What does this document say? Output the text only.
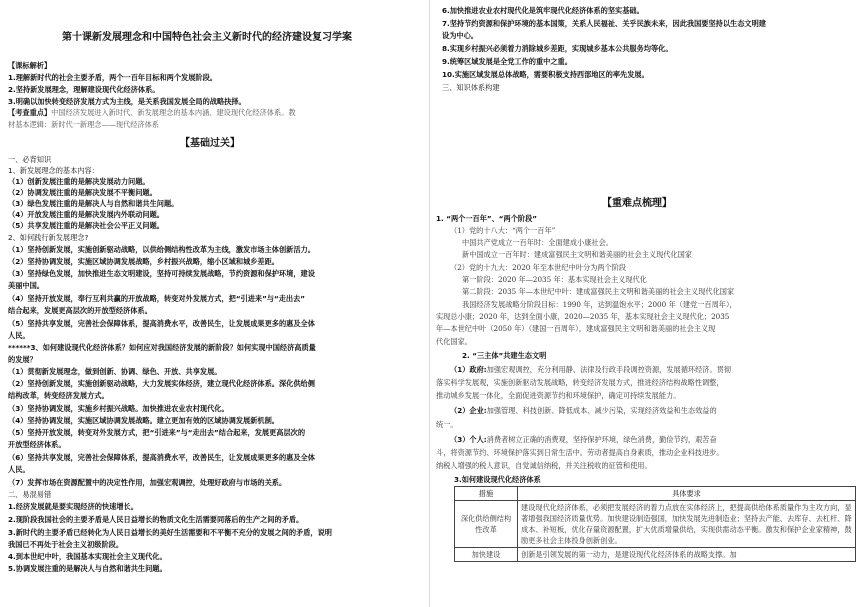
第十课新发展理念和中国特色社会主义新时代的经济建设复习学案
【课标解析】
1.理解新时代的社会主要矛盾，两个一百年目标和两个发展阶段。
2.坚持新发展理念，理解建设现代化经济体系。
3.明确以加快转变经济发展方式为主线，是关系我国发展全局的战略抉择。
【考查重点】中国经济发展进入新时代、新发展理念的基本内涵、建设现代化经济体系。教
材基本逻辑：新时代一新理念——现代经济体系
【基础过关】
一、必背知识
1、新发展理念的基本内容：
（1）创新发展注重的是解决发展动力问题。
（2）协调发展注重的是解决发展不平衡问题。
（3）绿色发展注重的是解决人与自然和谐共生问题。
（4）开放发展注重的是解决发展内外联动问题。
（5）共享发展注重的是解决社会公平正义问题。
2、如何践行新发展理念?
（1）坚持创新发展，实施创新驱动战略，以供给侧结构性改革为主线，激发市场主体创新活力。
（2）坚持协调发展，实施区域协调发展战略，乡村振兴战略，缩小区域和城乡差距。
（3）坚持绿色发展，加快推进生态文明建设，坚持可持续发展战略，节约资源和保护环境，建设
美丽中国。
（4）坚持开放发展，奉行互利共赢的开放战略，转变对外发展方式，把“引进来”与“走出去”
结合起来，发展更高层次的开放型经济体系。
（5）坚持共享发展，完善社会保障体系，提高消费水平，改善民生，让发展成果更多的惠及全体
人民。
******3、如何建设现代化经济体系？如何应对我国经济发展的新阶段？如何实现中国经济高质量
的发展？
（1）贯彻新发展理念，做到创新、协调、绿色、开放、共享发展。
（2）坚持创新发展，实施创新驱动战略，大力发展实体经济，建立现代化经济体系。深化供给侧
结构改革，转变经济发展方式。
（3）坚持协调发展，实施乡村振兴战略。加快推进农业农村现代化。
（4）坚持协调发展，实施区域协调发展战略。建立更加有效的区域协调发展新机制。
（5）坚持开放发展，转变对外发展方式，把“引进来”与“走出去”结合起来，发展更高层次的
开放型经济体系。
（6）坚持共享发展，完善社会保障体系，提高消费水平，改善民生，让发展成果更多的惠及全体
人民。
（7）发挥市场在资源配置中的决定性作用，加强宏观调控，处理好政府与市场的关系。
二、易混易错
1.经济发展就是要实现经济的快速增长。
2.现阶段我国社会的主要矛盾是人民日益增长的物质文化生活需要同落后的生产之间的矛盾。
3.新时代的主要矛盾已经转化为人民日益增长的美好生活需要和不平衡不充分的发展之间的矛盾，说明
我国已不再处于社会主义初级阶段。
4.到本世纪中叶，我国基本实现社会主义现代化。
5.协调发展注重的是解决人与自然和谐共生问题。
6.加快推进农业农村现代化是筑牢现代化经济体系的坚实基础。
7.坚持节约资源和保护环境的基本国策，关系人民福祉、关乎民族未来，因此我国要坚持以生态文明建
设为中心。
8.实现乡村振兴必须着力消除城乡差距，实现城乡基本公共服务均等化。
9.统筹区域发展是全党工作的重中之重。
10.实施区域发展总体战略，需要积极支持西部地区的率先发展。
三、知识体系构建
【重难点梳理】
1. “两个一百年”、“两个阶段”
（1）党的十八大：“两个一百年”
中国共产党成立一百年时：全面建成小康社会。
新中国成立一百年时：建成富强民主文明和谐美丽的社会主义现代化国家
（2）党的十九大：2020 年至本世纪中叶分为两个阶段
第一阶段：2020 年—2035 年：基本实现社会主义现代化
第二阶段：2035 年—本世纪中叶：建成富强民主文明和谐美丽的社会主义现代化国家
我国经济发展战略分阶段目标：1990 年，达到温饱水平；2000 年（建党一百周年），
实现总小康；2020 年，达到全面小康，2020—2035 年，基本实现社会主义现代化；2035
年—本世纪中叶（2050 年）（建国一百周年），建成富强民主文明和谐美丽的社会主义现
代化国家。
2. “三主体”共建生态文明
（1）政府:加强宏观调控，充分利用静、法律及行政手段调控资源，发展循环经济。贯彻
落实科学发展观，实施创新驱动发展战略，转变经济发展方式，推进经济结构战略性调整，
推动城乡发展一体化，全面促进资源节约和环境保护，确定可持续发展能力。
（2）企业:加强管理、科技创新、降低成本、减少污染，实现经济效益和生态效益的
统一。
（3）个人:消费者树立正确的消费观，坚持保护环境，绿色消费，勤俭节约，艰苦奋
斗，将资源节约、环境保护落实到日常生活中。劳动者提高自身素质，推动企业科技进步。
纳税人增强的税人意识，自觉诚信纳税，并关注税收的征管和使用。
3.如何建设现代化经济体系
措施	具体要求
深化供给侧结构性改革	建设现代化经济体系，必须把发展经济的着力点放在实体经济上，把提高供给体系质量作为主攻方向，显著增强我国经济质量优势。加快建设制造强国，加快发展先进制造业；坚持去产能、去库存、去杠杆、降成本、补短板，优化存量资源配置，扩大优质增量供给，实现供需动态平衡。激发和保护企业家精神，鼓励更多社会主体投身创新创业。
加快建设	创新是引领发展的第一动力，是建设现代化经济体系的战略支撑。加
